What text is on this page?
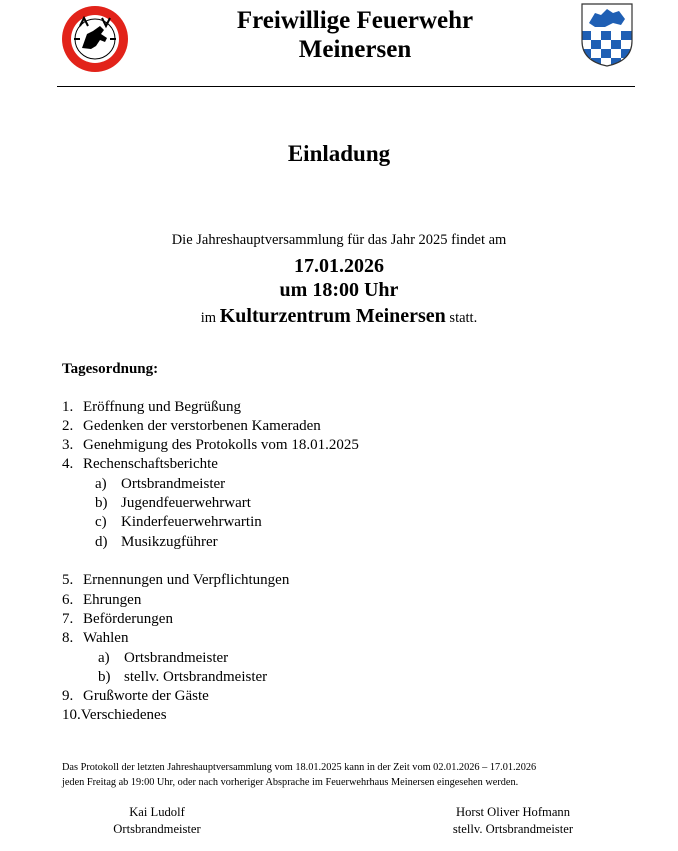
Freiwillige Feuerwehr
Meinersen
Einladung
Die Jahreshauptversammlung für das Jahr 2025 findet am
17.01.2026
um 18:00 Uhr
im Kulturzentrum Meinersen statt.
Tagesordnung:
1. Eröffnung und Begrüßung
2. Gedenken der verstorbenen Kameraden
3. Genehmigung des Protokolls vom 18.01.2025
4. Rechenschaftsberichte
a) Ortsbrandmeister
b) Jugendfeuerwehrwart
c) Kinderfeuerwehrwartin
d) Musikzugführer
5. Ernennungen und Verpflichtungen
6. Ehrungen
7. Beförderungen
8. Wahlen
a) Ortsbrandmeister
b) stellv. Ortsbrandmeister
9. Grußworte der Gäste
10.Verschiedenes
Das Protokoll der letzten Jahreshauptversammlung vom 18.01.2025 kann in der Zeit vom 02.01.2026 – 17.01.2026
jeden Freitag ab 19:00 Uhr, oder nach vorheriger Absprache im Feuerwehrhaus Meinersen eingesehen werden.
Kai Ludolf
Ortsbrandmeister
Horst Oliver Hofmann
stellv. Ortsbrandmeister
